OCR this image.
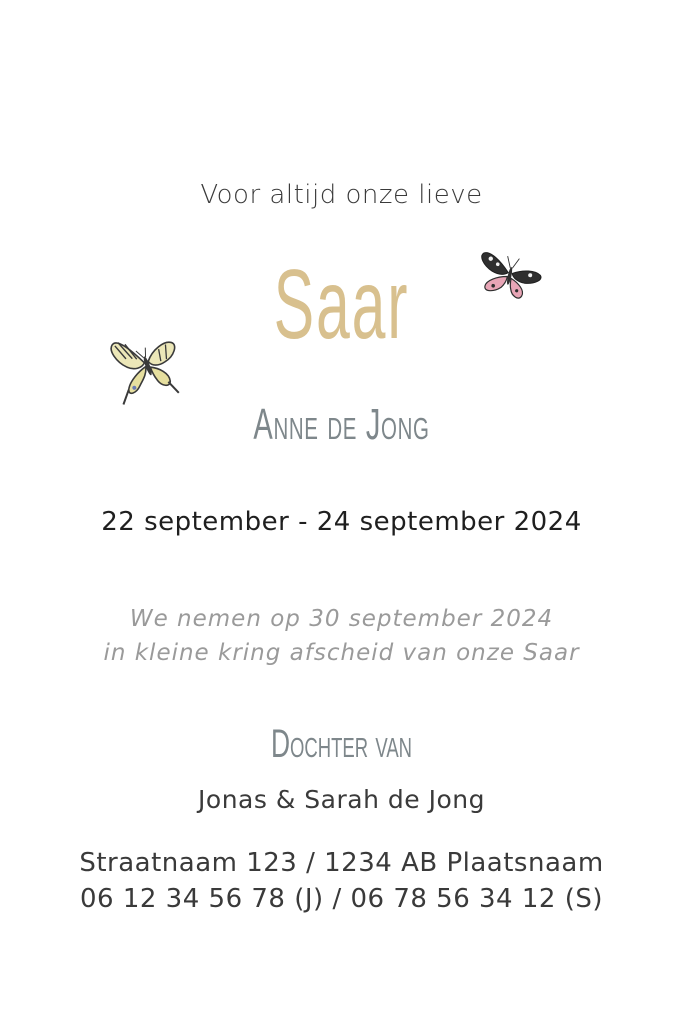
Voor altijd onze lieve
Saar
Anne de Jong
22 september - 24 september 2024
We nemen op 30 september 2024
in kleine kring afscheid van onze Saar
Dochter van
Jonas & Sarah de Jong
Straatnaam 123 / 1234 AB Plaatsnaam
06 12 34 56 78 (J) / 06 78 56 34 12 (S)
